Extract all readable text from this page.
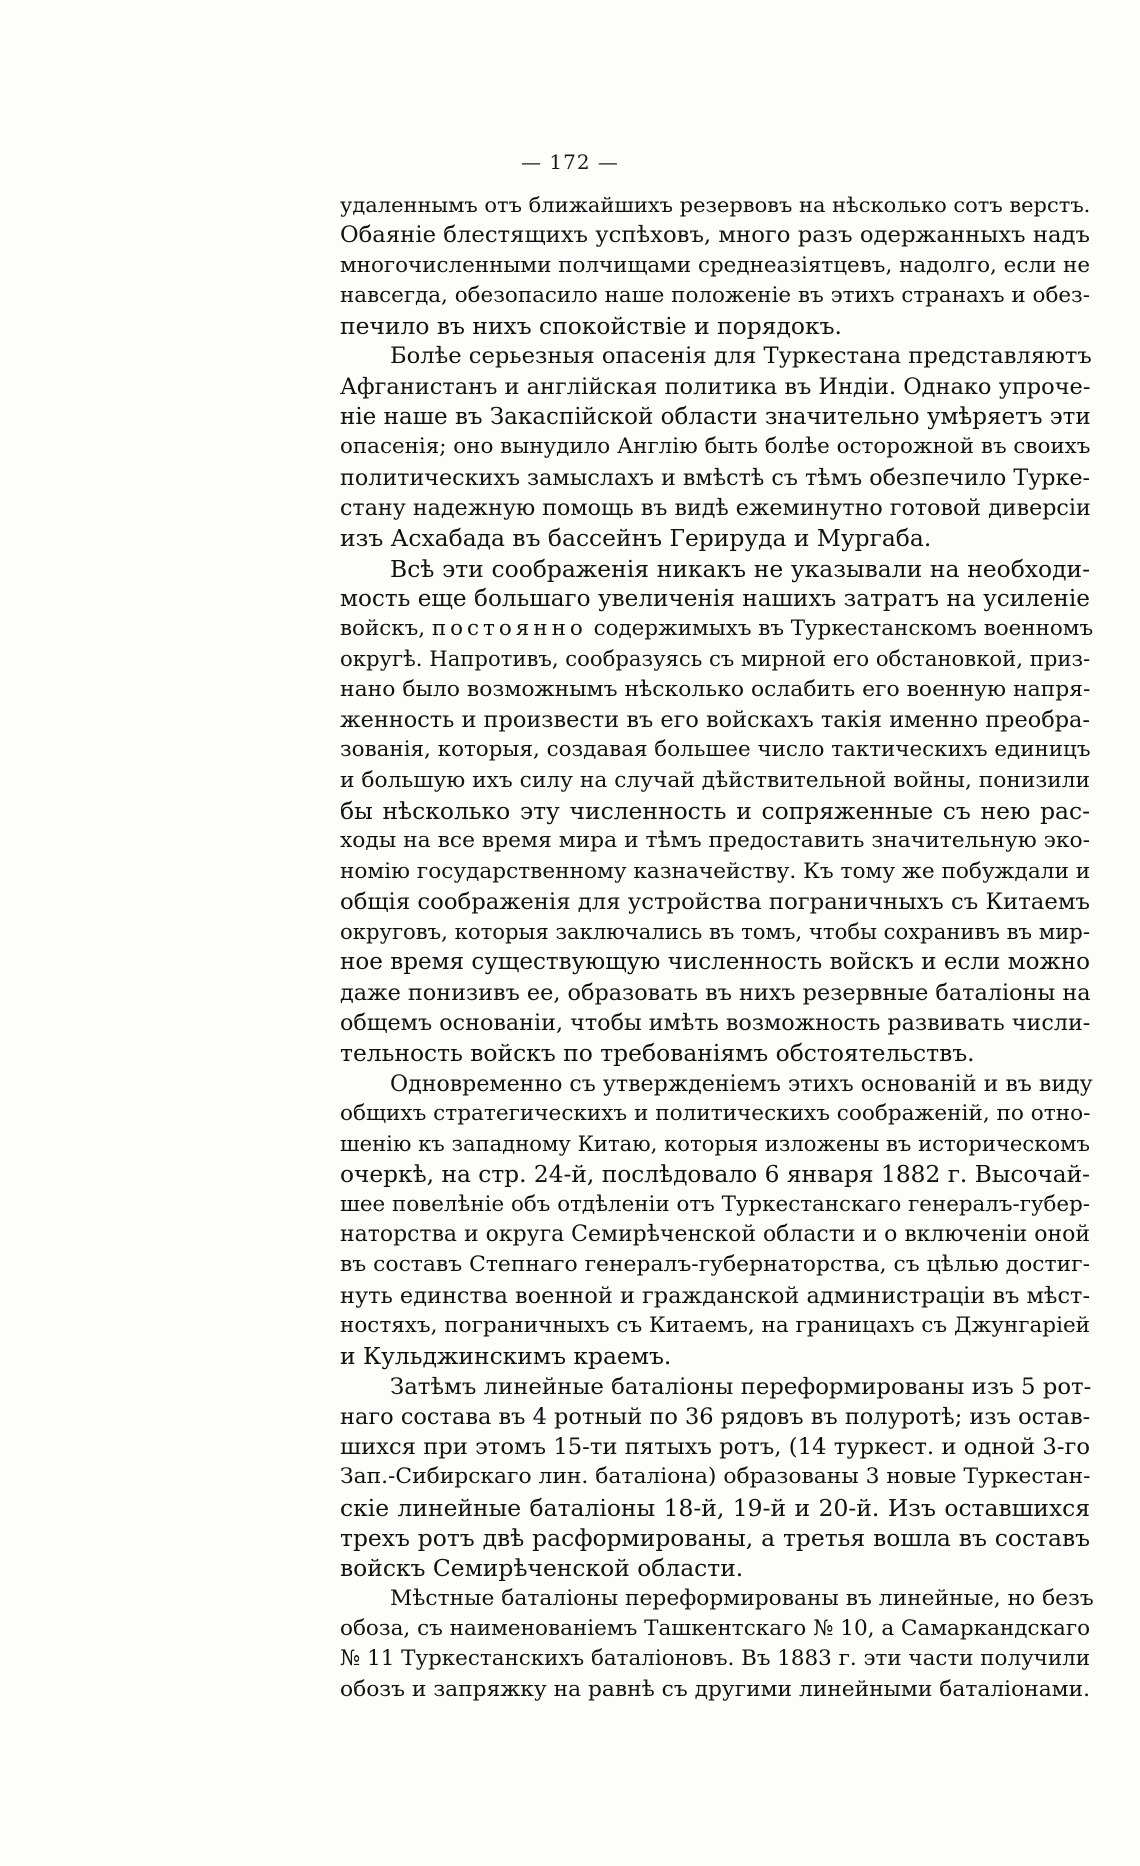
— 172 —
удаленнымъ отъ ближайшихъ резервовъ на нѣсколько сотъ верстъ.
Обаяніе блестящихъ успѣховъ, много разъ одержанныхъ надъ
многочисленными полчищами среднеазіятцевъ, надолго, если не
навсегда, обезопасило наше положеніе въ этихъ странахъ и обез-
печило въ нихъ спокойствіе и порядокъ.
Болѣе серьезныя опасенія для Туркестана представляютъ
Афганистанъ и англійская политика въ Индіи. Однако упроче-
ніе наше въ Закаспійской области значительно умѣряетъ эти
опасенія; оно вынудило Англію быть болѣе осторожной въ своихъ
политическихъ замыслахъ и вмѣстѣ съ тѣмъ обезпечило Турке-
стану надежную помощь въ видѣ ежеминутно готовой диверсіи
изъ Асхабада въ бассейнъ Герируда и Мургаба.
Всѣ эти соображенія никакъ не указывали на необходи-
мость еще большаго увеличенія нашихъ затратъ на усиленіе
войскъ, постоянно содержимыхъ въ Туркестанскомъ военномъ
округѣ. Напротивъ, сообразуясь съ мирной его обстановкой, приз-
нано было возможнымъ нѣсколько ослабить его военную напря-
женность и произвести въ его войскахъ такія именно преобра-
зованія, которыя, создавая большее число тактическихъ единицъ
и большую ихъ силу на случай дѣйствительной войны, понизили
бы нѣсколько эту численность и сопряженные съ нею рас-
ходы на все время мира и тѣмъ предоставить значительную эко-
номію государственному казначейству. Къ тому же побуждали и
общія соображенія для устройства пограничныхъ съ Китаемъ
округовъ, которыя заключались въ томъ, чтобы сохранивъ въ мир-
ное время существующую численность войскъ и если можно
даже понизивъ ее, образовать въ нихъ резервные баталіоны на
общемъ основаніи, чтобы имѣть возможность развивать числи-
тельность войскъ по требованіямъ обстоятельствъ.
Одновременно съ утвержденіемъ этихъ основаній и въ виду
общихъ стратегическихъ и политическихъ соображеній, по отно-
шенію къ западному Китаю, которыя изложены въ историческомъ
очеркѣ, на стр. 24-й, послѣдовало 6 января 1882 г. Высочай-
шее повелѣніе объ отдѣленіи отъ Туркестанскаго генералъ-губер-
наторства и округа Семирѣченской области и о включеніи оной
въ составъ Степнаго генералъ-губернаторства, съ цѣлью достиг-
нуть единства военной и гражданской администраціи въ мѣст-
ностяхъ, пограничныхъ съ Китаемъ, на границахъ съ Джунгаріей
и Кульджинскимъ краемъ.
Затѣмъ линейные баталіоны переформированы изъ 5 рот-
наго состава въ 4 ротный по 36 рядовъ въ полуротѣ; изъ остав-
шихся при этомъ 15-ти пятыхъ ротъ, (14 туркест. и одной 3-го
Зап.-Сибирскаго лин. баталіона) образованы 3 новые Туркестан-
скіе линейные баталіоны 18-й, 19-й и 20-й. Изъ оставшихся
трехъ ротъ двѣ расформированы, а третья вошла въ составъ
войскъ Семирѣченской области.
Мѣстные баталіоны переформированы въ линейные, но безъ
обоза, съ наименованіемъ Ташкентскаго № 10, а Самаркандскаго
№ 11 Туркестанскихъ баталіоновъ. Въ 1883 г. эти части получили
обозъ и запряжку на равнѣ съ другими линейными баталіонами.
